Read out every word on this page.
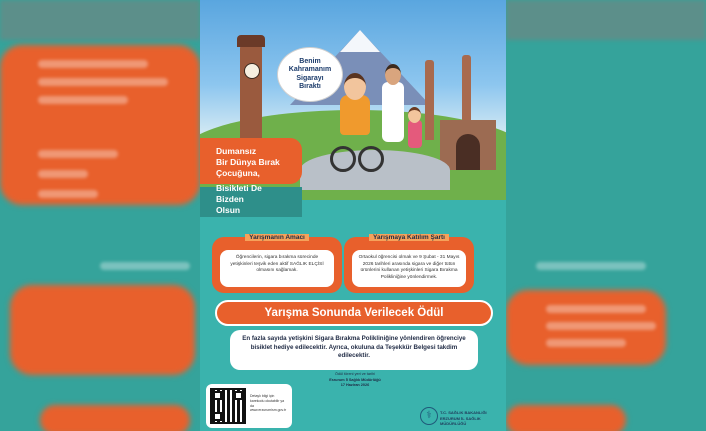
Benim
Kahramanım
Sigarayı
Bıraktı
Dumansız
Bir Dünya Bırak
Çocuğuna,
Bisikleti De
Bizden
Olsun
Yarışmanın Amacı
Öğrencilerin, sigara bırakma sürecinde yetişkinleri teşvik eden aktif SAĞLIK ELÇİSİ olmasını sağlamak.
Yarışmaya Katılım Şartı
Ortaokul öğrencisi olmak ve 9 Şubat - 31 Mayıs 2026 tarihleri arasında sigara ve diğer tütün ürünlerini kullanan yetişkinleri Sigara Bırakma Polikliniğine yönlendirmek.
Yarışma Sonunda Verilecek Ödül
En fazla sayıda yetişkini Sigara Bırakma Polikliniğine yönlendiren öğrenciye bisiklet hediye edilecektir. Ayrıca, okuluna da Teşekkür Belgesi takdim edilecektir.
Ödül töreni yeri ve tarihi
Erzurum İl Sağlık Müdürlüğü
17 Haziran 2026
Detaylı bilgi için karekodu okutabilir ya da www.erzurumism.gov.tr	⚕	T.C. SAĞLIK BAKANLIĞI
ERZURUM İL SAĞLIK MÜDÜRLÜĞÜ
